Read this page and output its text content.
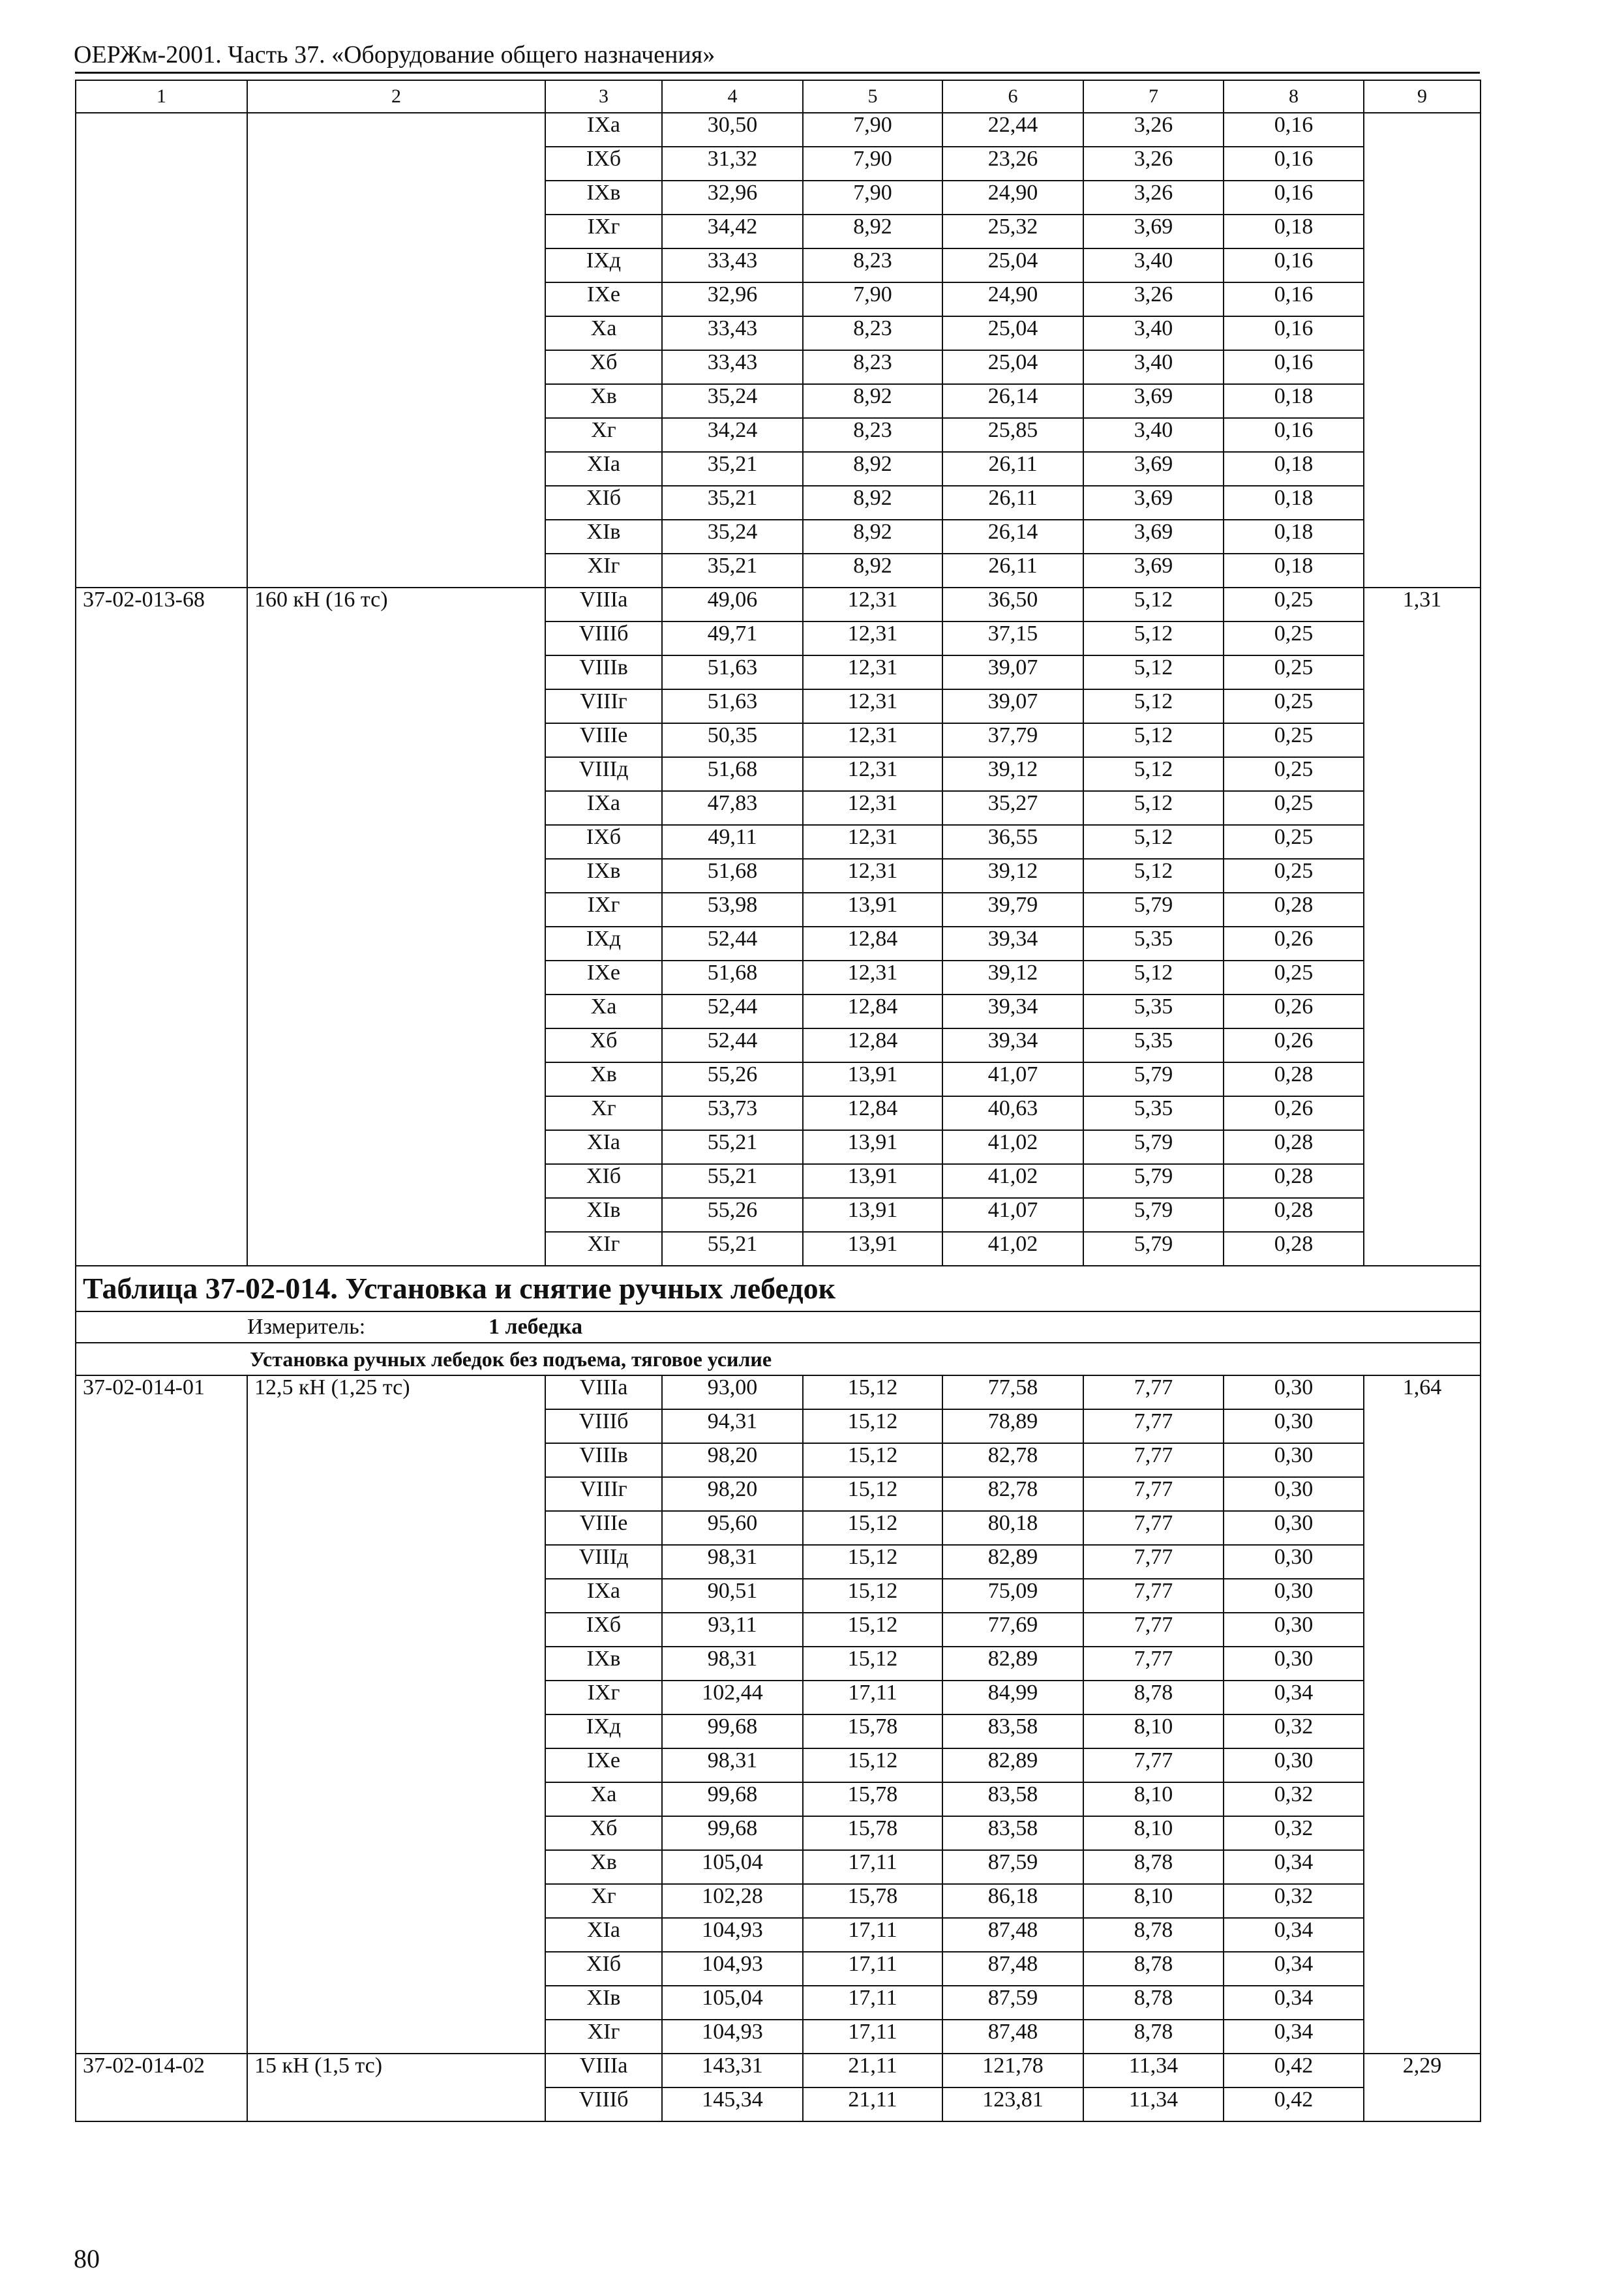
ОЕРЖм-2001. Часть 37. «Оборудование общего назначения»
1	2	3	4	5	6	7	8	9
		IXа	30,50	7,90	22,44	3,26	0,16	
		IXб	31,32	7,90	23,26	3,26	0,16	
		IXв	32,96	7,90	24,90	3,26	0,16	
		IXг	34,42	8,92	25,32	3,69	0,18	
		IXд	33,43	8,23	25,04	3,40	0,16	
		IXе	32,96	7,90	24,90	3,26	0,16	
		Xа	33,43	8,23	25,04	3,40	0,16	
		Xб	33,43	8,23	25,04	3,40	0,16	
		Xв	35,24	8,92	26,14	3,69	0,18	
		Xг	34,24	8,23	25,85	3,40	0,16	
		XIа	35,21	8,92	26,11	3,69	0,18	
		XIб	35,21	8,92	26,11	3,69	0,18	
		XIв	35,24	8,92	26,14	3,69	0,18	
		XIг	35,21	8,92	26,11	3,69	0,18	
37-02-013-68	160 кН (16 тс)	VIIIа	49,06	12,31	36,50	5,12	0,25	1,31
		VIIIб	49,71	12,31	37,15	5,12	0,25	
		VIIIв	51,63	12,31	39,07	5,12	0,25	
		VIIIг	51,63	12,31	39,07	5,12	0,25	
		VIIIе	50,35	12,31	37,79	5,12	0,25	
		VIIIд	51,68	12,31	39,12	5,12	0,25	
		IXа	47,83	12,31	35,27	5,12	0,25	
		IXб	49,11	12,31	36,55	5,12	0,25	
		IXв	51,68	12,31	39,12	5,12	0,25	
		IXг	53,98	13,91	39,79	5,79	0,28	
		IXд	52,44	12,84	39,34	5,35	0,26	
		IXе	51,68	12,31	39,12	5,12	0,25	
		Xа	52,44	12,84	39,34	5,35	0,26	
		Xб	52,44	12,84	39,34	5,35	0,26	
		Xв	55,26	13,91	41,07	5,79	0,28	
		Xг	53,73	12,84	40,63	5,35	0,26	
		XIа	55,21	13,91	41,02	5,79	0,28	
		XIб	55,21	13,91	41,02	5,79	0,28	
		XIв	55,26	13,91	41,07	5,79	0,28	
		XIг	55,21	13,91	41,02	5,79	0,28	
Таблица 37-02-014. Установка и снятие ручных лебедок								
Измеритель: 1 лебедка								
	Установка ручных лебедок без подъема, тяговое усилие							
37-02-014-01	12,5 кН (1,25 тс)	VIIIа	93,00	15,12	77,58	7,77	0,30	1,64
		VIIIб	94,31	15,12	78,89	7,77	0,30	
		VIIIв	98,20	15,12	82,78	7,77	0,30	
		VIIIг	98,20	15,12	82,78	7,77	0,30	
		VIIIе	95,60	15,12	80,18	7,77	0,30	
		VIIIд	98,31	15,12	82,89	7,77	0,30	
		IXа	90,51	15,12	75,09	7,77	0,30	
		IXб	93,11	15,12	77,69	7,77	0,30	
		IXв	98,31	15,12	82,89	7,77	0,30	
		IXг	102,44	17,11	84,99	8,78	0,34	
		IXд	99,68	15,78	83,58	8,10	0,32	
		IXе	98,31	15,12	82,89	7,77	0,30	
		Xа	99,68	15,78	83,58	8,10	0,32	
		Xб	99,68	15,78	83,58	8,10	0,32	
		Xв	105,04	17,11	87,59	8,78	0,34	
		Xг	102,28	15,78	86,18	8,10	0,32	
		XIа	104,93	17,11	87,48	8,78	0,34	
		XIб	104,93	17,11	87,48	8,78	0,34	
		XIв	105,04	17,11	87,59	8,78	0,34	
		XIг	104,93	17,11	87,48	8,78	0,34	
37-02-014-02	15 кН (1,5 тс)	VIIIа	143,31	21,11	121,78	11,34	0,42	2,29
		VIIIб	145,34	21,11	123,81	11,34	0,42	
80
